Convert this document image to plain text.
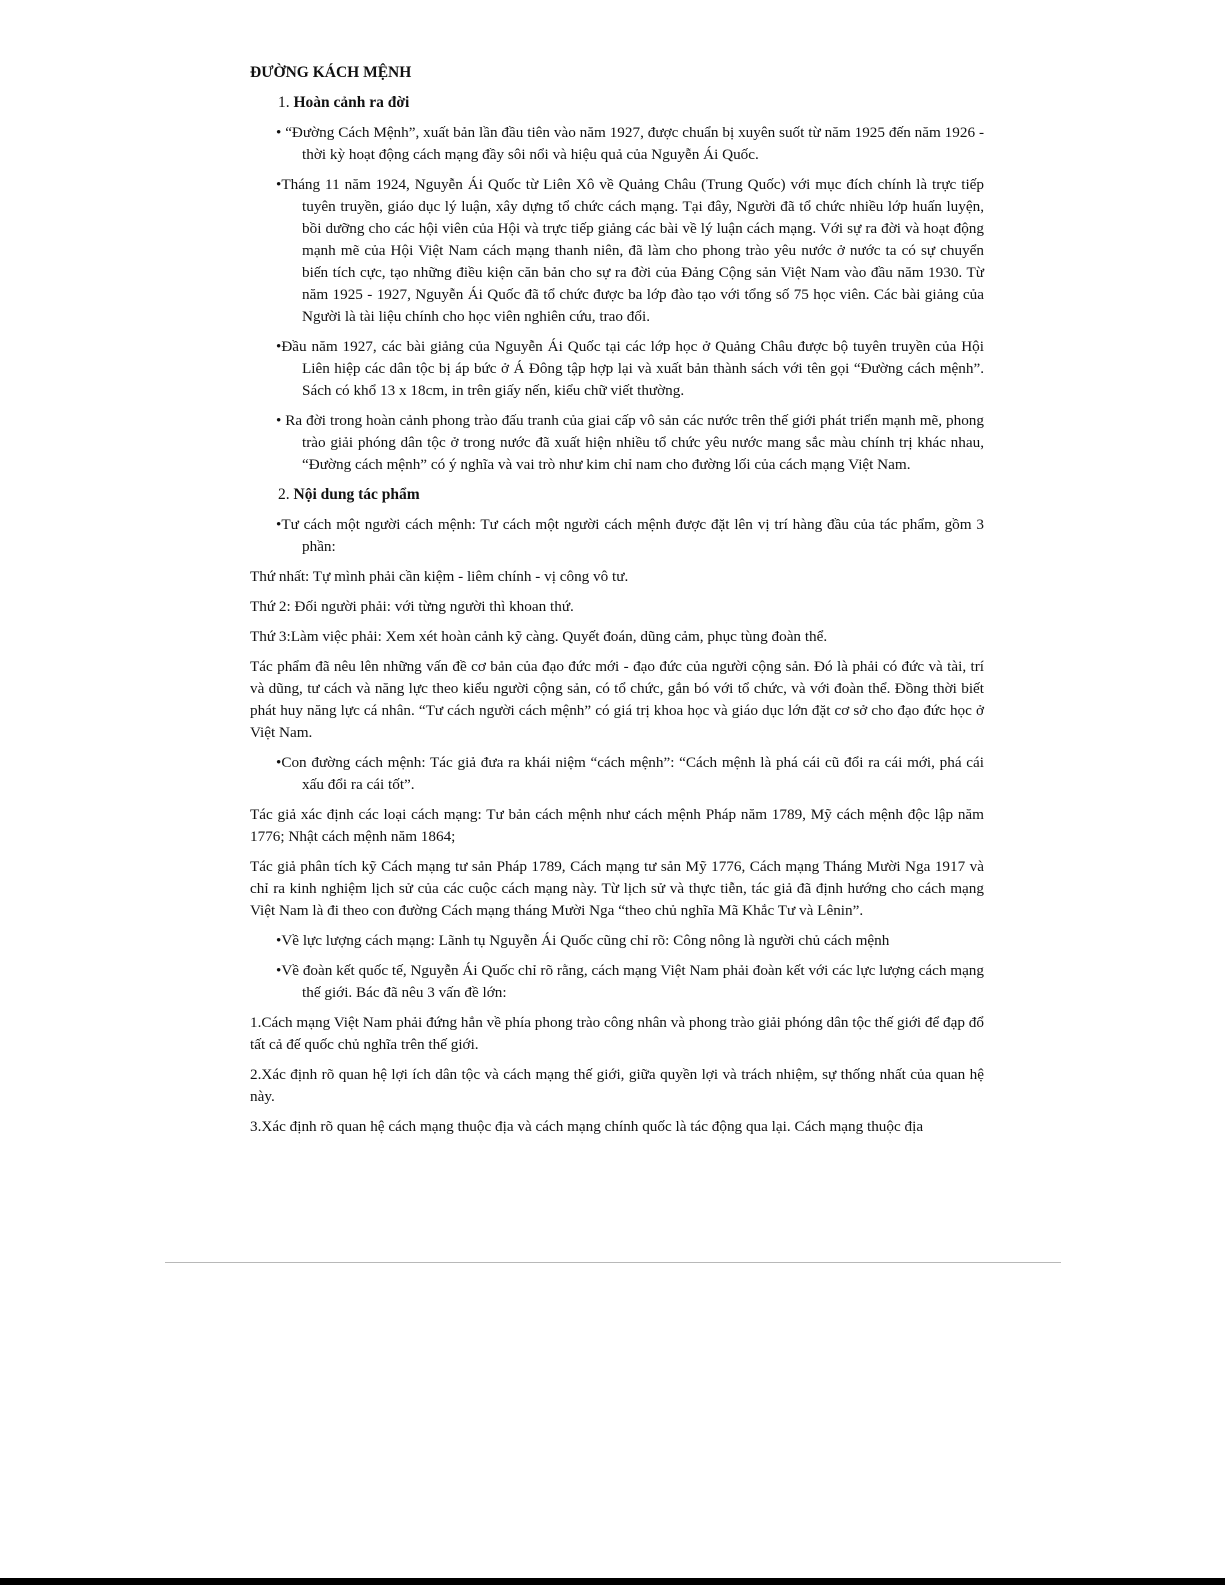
ĐƯỜNG KÁCH MỆNH
1. Hoàn cảnh ra đời
• “Đường Cách Mệnh”, xuất bản lần đầu tiên vào năm 1927, được chuẩn bị xuyên suốt từ năm 1925 đến năm 1926 - thời kỳ hoạt động cách mạng đầy sôi nổi và hiệu quả của Nguyễn Ái Quốc.
•Tháng 11 năm 1924, Nguyễn Ái Quốc từ Liên Xô về Quảng Châu (Trung Quốc) với mục đích chính là trực tiếp tuyên truyền, giáo dục lý luận, xây dựng tổ chức cách mạng. Tại đây, Người đã tổ chức nhiều lớp huấn luyện, bồi dưỡng cho các hội viên của Hội và trực tiếp giảng các bài về lý luận cách mạng. Với sự ra đời và hoạt động mạnh mẽ của Hội Việt Nam cách mạng thanh niên, đã làm cho phong trào yêu nước ở nước ta có sự chuyển biến tích cực, tạo những điều kiện căn bản cho sự ra đời của Đảng Cộng sản Việt Nam vào đầu năm 1930. Từ năm 1925 - 1927, Nguyễn Ái Quốc đã tổ chức được ba lớp đào tạo với tổng số 75 học viên. Các bài giảng của Người là tài liệu chính cho học viên nghiên cứu, trao đổi.
•Đầu năm 1927, các bài giảng của Nguyễn Ái Quốc tại các lớp học ở Quảng Châu được bộ tuyên truyền của Hội Liên hiệp các dân tộc bị áp bức ở Á Đông tập hợp lại và xuất bản thành sách với tên gọi “Đường cách mệnh”. Sách có khổ 13 x 18cm, in trên giấy nến, kiểu chữ viết thường.
• Ra đời trong hoàn cảnh phong trào đấu tranh của giai cấp vô sản các nước trên thế giới phát triển mạnh mẽ, phong trào giải phóng dân tộc ở trong nước đã xuất hiện nhiều tổ chức yêu nước mang sắc màu chính trị khác nhau, “Đường cách mệnh” có ý nghĩa và vai trò như kim chỉ nam cho đường lối của cách mạng Việt Nam.
2. Nội dung tác phẩm
•Tư cách một người cách mệnh: Tư cách một người cách mệnh được đặt lên vị trí hàng đầu của tác phẩm, gồm 3 phần:
Thứ nhất: Tự mình phải cần kiệm - liêm chính - vị công vô tư.
Thứ 2: Đối người phải: với từng người thì khoan thứ.
Thứ 3:Làm việc phải: Xem xét hoàn cảnh kỹ càng. Quyết đoán, dũng cảm, phục tùng đoàn thể.
Tác phẩm đã nêu lên những vấn đề cơ bản của đạo đức mới - đạo đức của người cộng sản. Đó là phải có đức và tài, trí và dũng, tư cách và năng lực theo kiểu người cộng sản, có tổ chức, gắn bó với tổ chức, và với đoàn thể. Đồng thời biết phát huy năng lực cá nhân. “Tư cách người cách mệnh” có giá trị khoa học và giáo dục lớn đặt cơ sở cho đạo đức học ở Việt Nam.
•Con đường cách mệnh: Tác giả đưa ra khái niệm “cách mệnh”: “Cách mệnh là phá cái cũ đổi ra cái mới, phá cái xấu đổi ra cái tốt”.
Tác giả xác định các loại cách mạng: Tư bản cách mệnh như cách mệnh Pháp năm 1789, Mỹ cách mệnh độc lập năm 1776; Nhật cách mệnh năm 1864;
Tác giả phân tích kỹ Cách mạng tư sản Pháp 1789, Cách mạng tư sản Mỹ 1776, Cách mạng Tháng Mười Nga 1917 và chỉ ra kinh nghiệm lịch sử của các cuộc cách mạng này. Từ lịch sử và thực tiễn, tác giả đã định hướng cho cách mạng Việt Nam là đi theo con đường Cách mạng tháng Mười Nga “theo chủ nghĩa Mã Khắc Tư và Lênin”.
•Về lực lượng cách mạng: Lãnh tụ Nguyễn Ái Quốc cũng chỉ rõ: Công nông là người chủ cách mệnh
•Về đoàn kết quốc tế, Nguyễn Ái Quốc chỉ rõ rằng, cách mạng Việt Nam phải đoàn kết với các lực lượng cách mạng thế giới. Bác đã nêu 3 vấn đề lớn:
1.Cách mạng Việt Nam phải đứng hẳn về phía phong trào công nhân và phong trào giải phóng dân tộc thế giới để đạp đổ tất cả đế quốc chủ nghĩa trên thế giới.
2.Xác định rõ quan hệ lợi ích dân tộc và cách mạng thế giới, giữa quyền lợi và trách nhiệm, sự thống nhất của quan hệ này.
3.Xác định rõ quan hệ cách mạng thuộc địa và cách mạng chính quốc là tác động qua lại. Cách mạng thuộc địa
